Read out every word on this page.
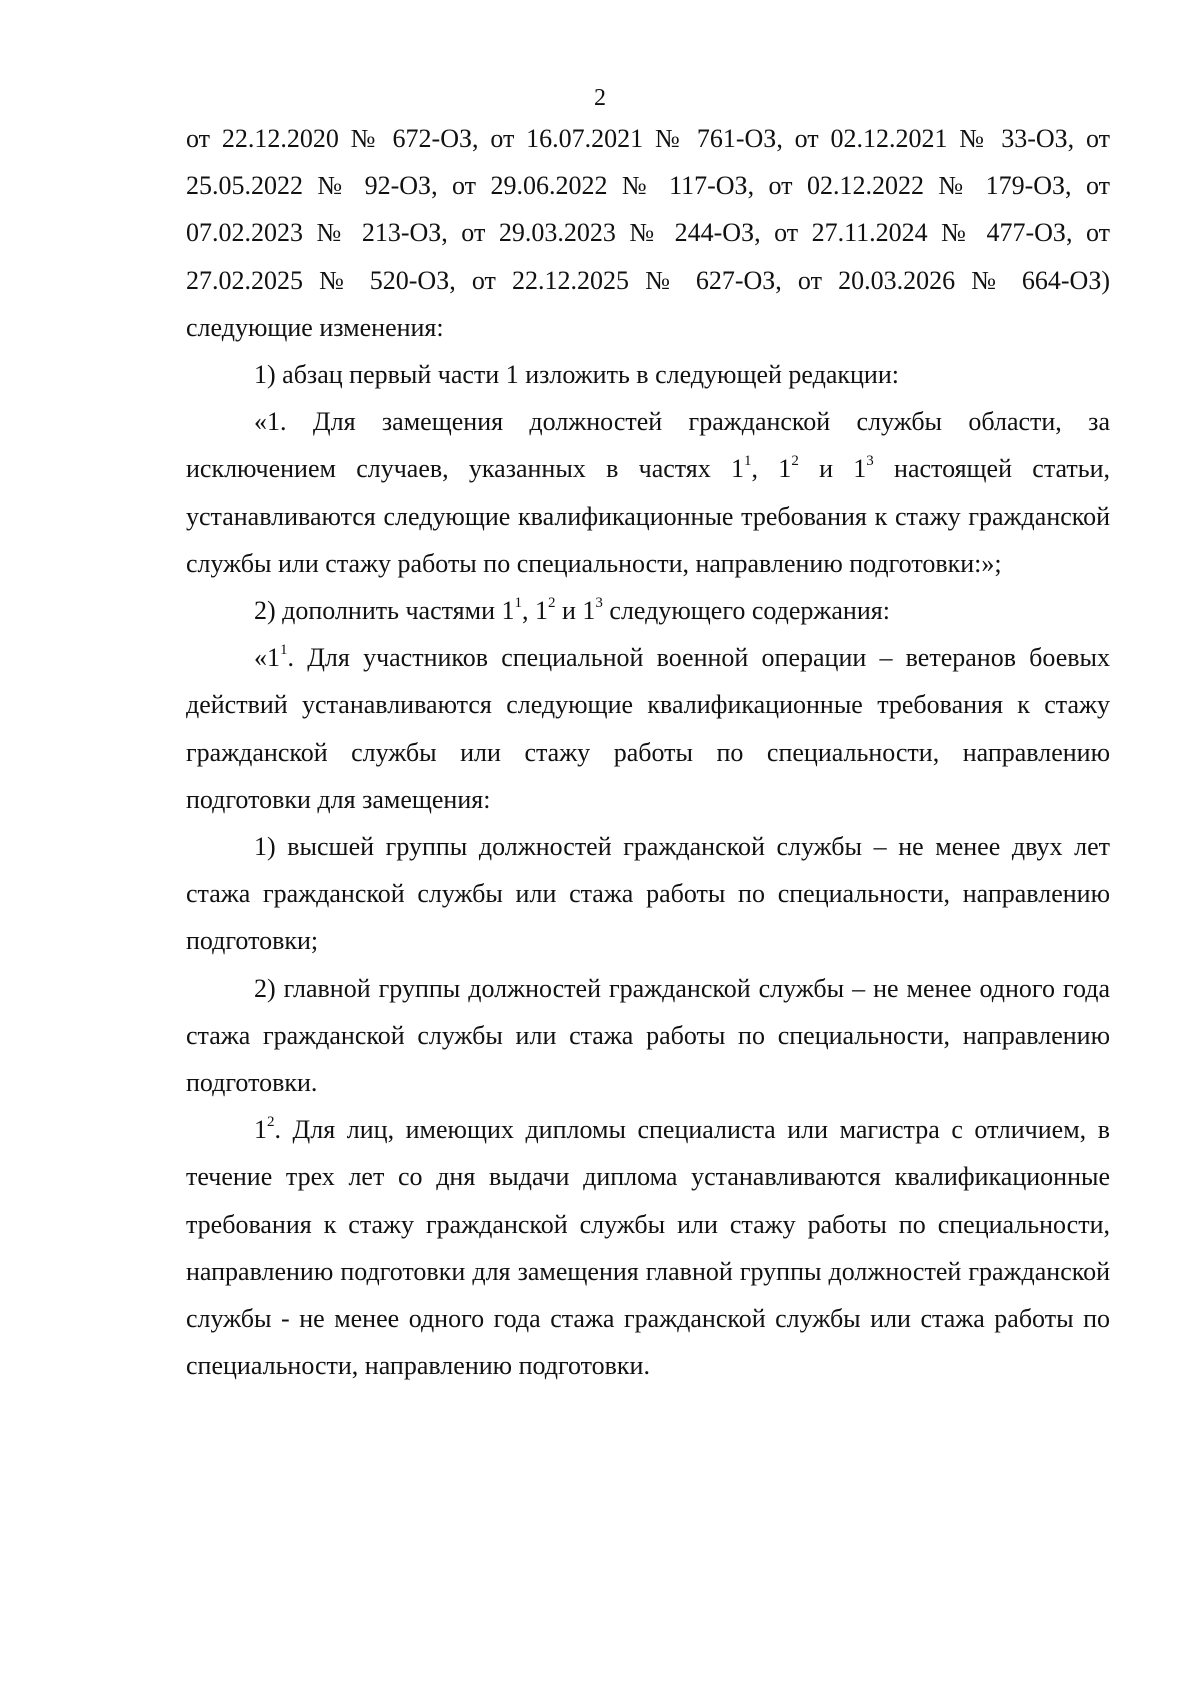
2

от 22.12.2020 № 672-ОЗ, от 16.07.2021 № 761-ОЗ, от 02.12.2021 № 33-ОЗ, от 25.05.2022 № 92-ОЗ, от 29.06.2022 № 117-ОЗ, от 02.12.2022 № 179-ОЗ, от 07.02.2023 № 213-ОЗ, от 29.03.2023 № 244-ОЗ, от 27.11.2024 № 477-ОЗ, от 27.02.2025 № 520-ОЗ, от 22.12.2025 № 627-ОЗ, от 20.03.2026 № 664-ОЗ) следующие изменения:

1) абзац первый части 1 изложить в следующей редакции:

«1. Для замещения должностей гражданской службы области, за исключением случаев, указанных в частях $1^1$, $1^2$ и $1^3$ настоящей статьи, устанавливаются следующие квалификационные требования к стажу гражданской службы или стажу работы по специальности, направлению подготовки:»;

2) дополнить частями $1^1$, $1^2$ и $1^3$ следующего содержания:

«$1^1$. Для участников специальной военной операции – ветеранов боевых действий устанавливаются следующие квалификационные требования к стажу гражданской службы или стажу работы по специальности, направлению подготовки для замещения:

1) высшей группы должностей гражданской службы – не менее двух лет стажа гражданской службы или стажа работы по специальности, направлению подготовки;

2) главной группы должностей гражданской службы – не менее одного года стажа гражданской службы или стажа работы по специальности, направлению подготовки.

$1^2$. Для лиц, имеющих дипломы специалиста или магистра с отличием, в течение трех лет со дня выдачи диплома устанавливаются квалификационные требования к стажу гражданской службы или стажу работы по специальности, направлению подготовки для замещения главной группы должностей гражданской службы - не менее одного года стажа гражданской службы или стажа работы по специальности, направлению подготовки.
